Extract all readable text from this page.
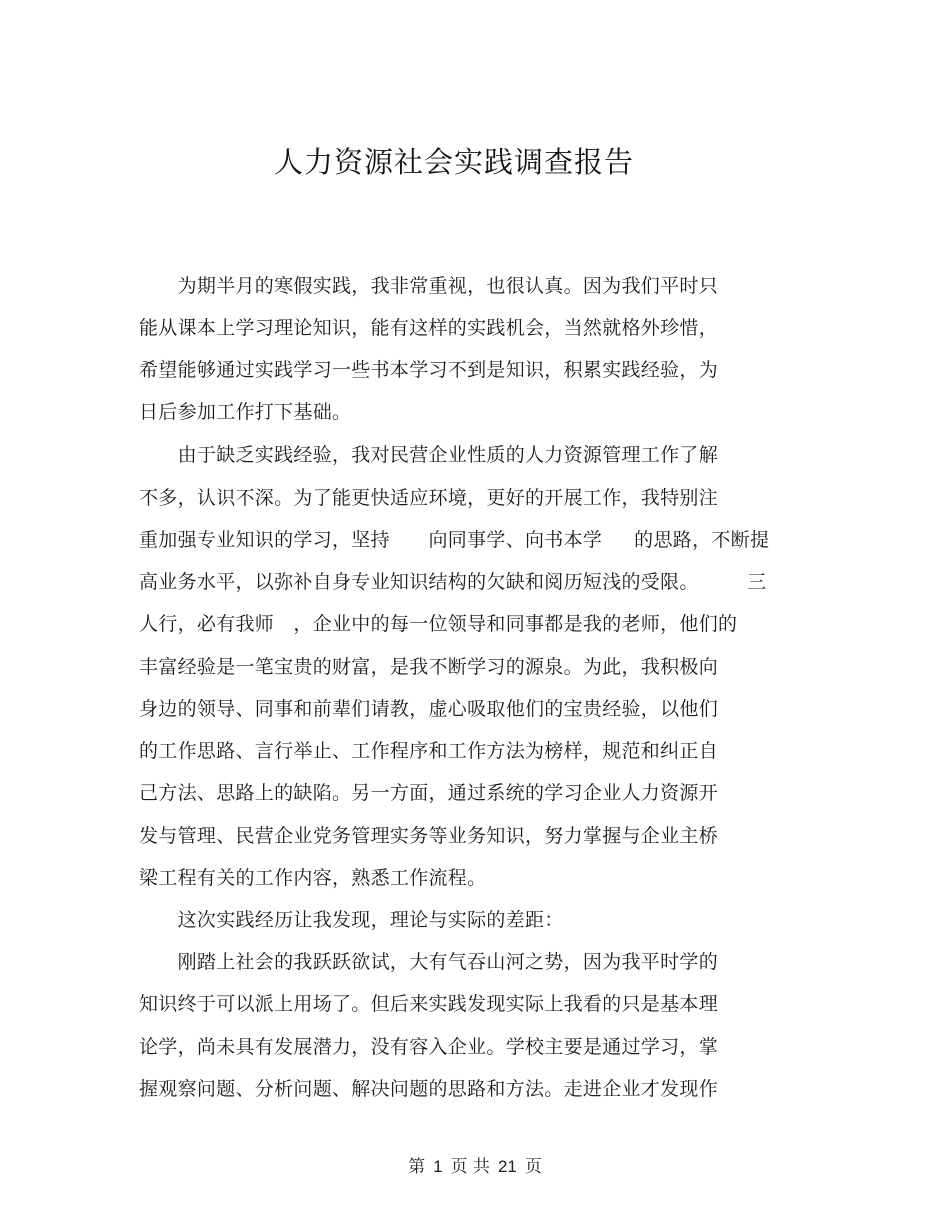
人力资源社会实践调查报告
　　为期半月的寒假实践，我非常重视，也很认真。因为我们平时只
能从课本上学习理论知识，能有这样的实践机会，当然就格外珍惜，
希望能够通过实践学习一些书本学习不到是知识，积累实践经验，为
日后参加工作打下基础。
　　由于缺乏实践经验，我对民营企业性质的人力资源管理工作了解
不多，认识不深。为了能更快适应环境，更好的开展工作，我特别注
重加强专业知识的学习，坚持　　向同事学、向书本学　  的思路，不断提
高业务水平，以弥补自身专业知识结构的欠缺和阅历短浅的受限。　　　三
人行，必有我师　，企业中的每一位领导和同事都是我的老师，他们的
丰富经验是一笔宝贵的财富，是我不断学习的源泉。为此，我积极向
身边的领导、同事和前辈们请教，虚心吸取他们的宝贵经验，以他们
的工作思路、言行举止、工作程序和工作方法为榜样，规范和纠正自
己方法、思路上的缺陷。另一方面，通过系统的学习企业人力资源开
发与管理、民营企业党务管理实务等业务知识，努力掌握与企业主桥
梁工程有关的工作内容，熟悉工作流程。
　　这次实践经历让我发现，理论与实际的差距：
　　刚踏上社会的我跃跃欲试，大有气吞山河之势，因为我平时学的
知识终于可以派上用场了。但后来实践发现实际上我看的只是基本理
论学，尚未具有发展潜力，没有容入企业。学校主要是通过学习，掌
握观察问题、分析问题、解决问题的思路和方法。走进企业才发现作
第 1 页 共 21 页
